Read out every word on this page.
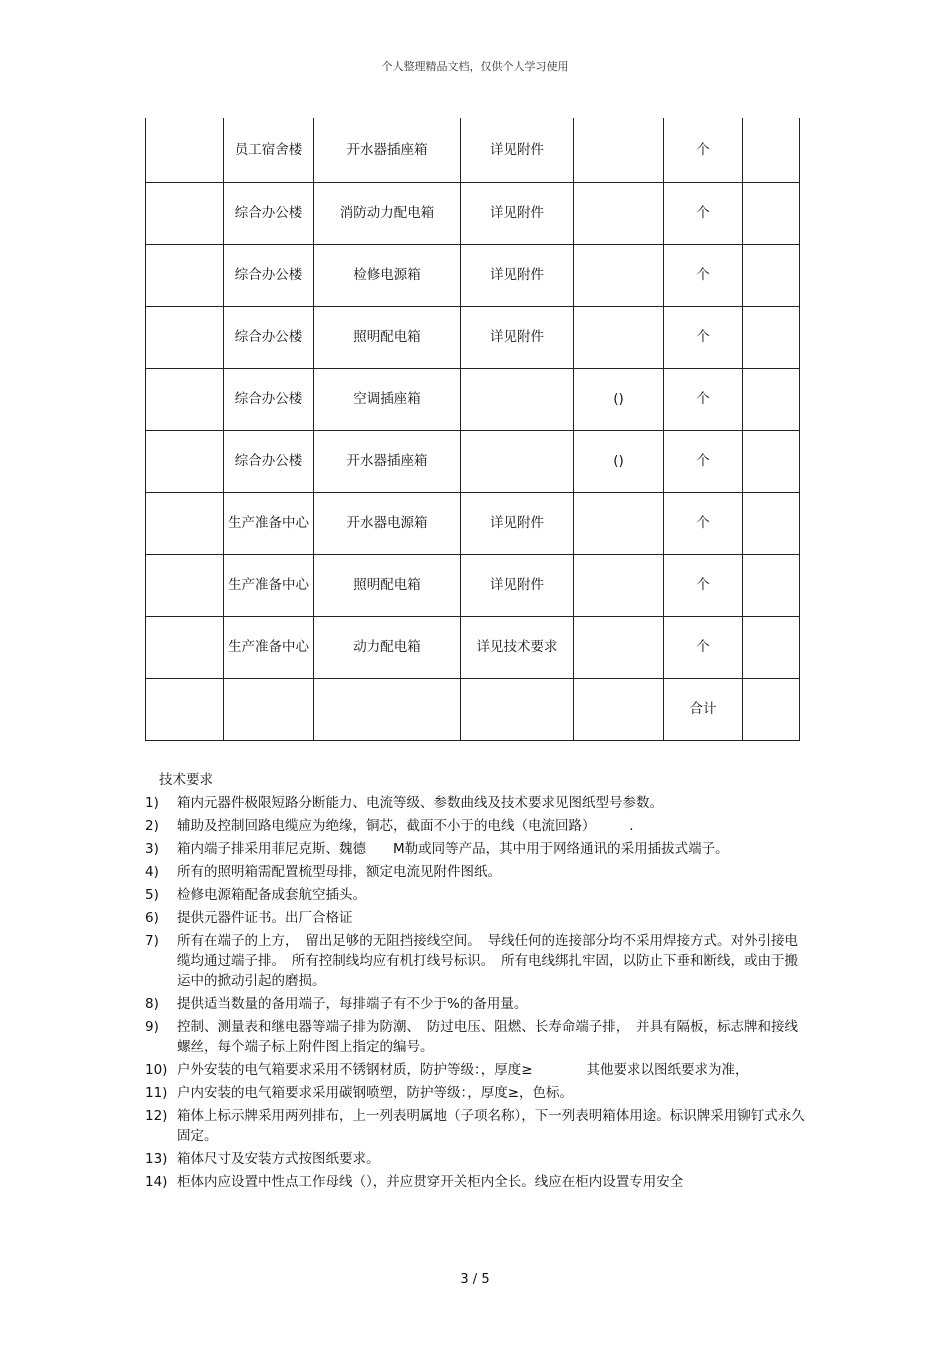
个人整理精品文档，仅供个人学习使用
	员工宿舍楼	开水器插座箱	详见附件		个	
	综合办公楼	消防动力配电箱	详见附件		个	
	综合办公楼	检修电源箱	详见附件		个	
	综合办公楼	照明配电箱	详见附件		个	
	综合办公楼	空调插座箱		()	个	
	综合办公楼	开水器插座箱		()	个	
	生产准备中心	开水器电源箱	详见附件		个	
	生产准备中心	照明配电箱	详见附件		个	
	生产准备中心	动力配电箱	详见技术要求		个	
					合计	
技术要求
1)	箱内元器件极限短路分断能力、电流等级、参数曲线及技术要求见图纸型号参数。
2)	辅助及控制回路电缆应为绝缘，铜芯，截面不小于的电线（电流回路）　　　.
3)	箱内端子排采用菲尼克斯、魏德　　M勒或同等产品，其中用于网络通讯的采用插拔式端子。
4)	所有的照明箱需配置梳型母排，额定电流见附件图纸。
5)	检修电源箱配备成套航空插头。
6)	提供元器件证书。出厂合格证
7)	所有在端子的上方，　留出足够的无阻挡接线空间。　导线任何的连接部分均不采用焊接方式。对外引接电缆均通过端子排。　所有控制线均应有机打线号标识。　所有电线绑扎牢固，以防止下垂和断线，或由于搬运中的掀动引起的磨损。
8)	提供适当数量的备用端子，每排端子有不少于%的备用量。
9)	控制、测量表和继电器等端子排为防潮、　防过电压、阻燃、长寿命端子排，　并具有隔板，标志牌和接线螺丝，每个端子标上附件图上指定的编号。
10) 户外安装的电气箱要求采用不锈钢材质，防护等级：，厚度≥　　　　其他要求以图纸要求为准，
11) 户内安装的电气箱要求采用碳钢喷塑，防护等级：，厚度≥，色标。
12) 箱体上标示牌采用两列排布，上一列表明属地（子项名称），下一列表明箱体用途。标识牌采用铆钉式永久固定。
13) 箱体尺寸及安装方式按图纸要求。
14) 柜体内应设置中性点工作母线（），并应贯穿开关柜内全长。线应在柜内设置专用安全
3 / 5
